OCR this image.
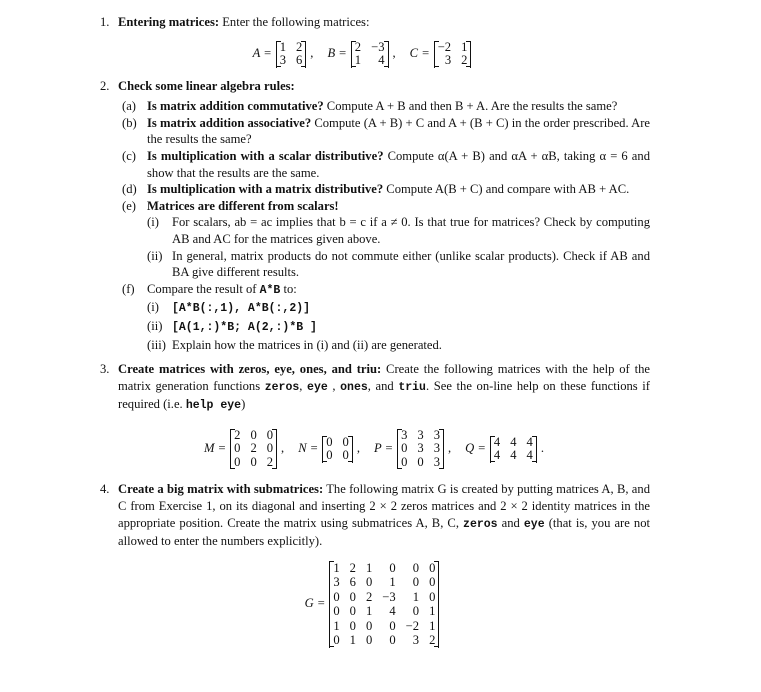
1. Entering matrices: Enter the following matrices:
A = 1 2
3 6
, B = 2 −3
1	4
, C = −2 1
3 2
2. Check some linear algebra rules:
(a) Is matrix addition commutative? Compute A + B and then B + A. Are the results the same?
(b) Is matrix addition associative? Compute (A + B) + C and A + (B + C) in the order prescribed. Are the results the same?
(c) Is multiplication with a scalar distributive? Compute α(A + B) and αA + αB, taking α = 6 and show that the results are the same.
(d) Is multiplication with a matrix distributive? Compute A(B + C) and compare with AB + AC.
(e) Matrices are different from scalars!
(i) For scalars, ab = ac implies that b = c if a ≠ 0. Is that true for matrices? Check by computing AB and AC for the matrices given above.
(ii) In general, matrix products do not commute either (unlike scalar products). Check if AB and BA give different results.
(f) Compare the result of A*B to:
(i) [A*B(:,1), A*B(:,2)]
(ii) [A(1,:)*B; A(2,:)*B ]
(iii) Explain how the matrices in (i) and (ii) are generated.
3. Create matrices with zeros, eye, ones, and triu: Create the following matrices with the help of the matrix generation functions zeros, eye , ones, and triu. See the on-line help on these functions if required (i.e. help eye)
M =
2 0 0
0 2 0
0 0 2
, N = 0 0
0 0
, P =
3 3 3
0 3 3
0 0 3
, Q = 4 4 4
4 4 4
.
4. Create a big matrix with submatrices: The following matrix G is created by putting matrices A, B, and C from Exercise 1, on its diagonal and inserting 2 × 2 zeros matrices and 2 × 2 identity matrices in the appropriate position. Create the matrix using submatrices A, B, C, zeros and eye (that is, you are not allowed to enter the numbers explicitly).
G =
1 2 1	0	0 0
3 6 0	1	0 0
0 0 2 −3	1 0
0 0 1	4	0 1
1 0 0	0 −2 1
0 1 0	0	3 2
